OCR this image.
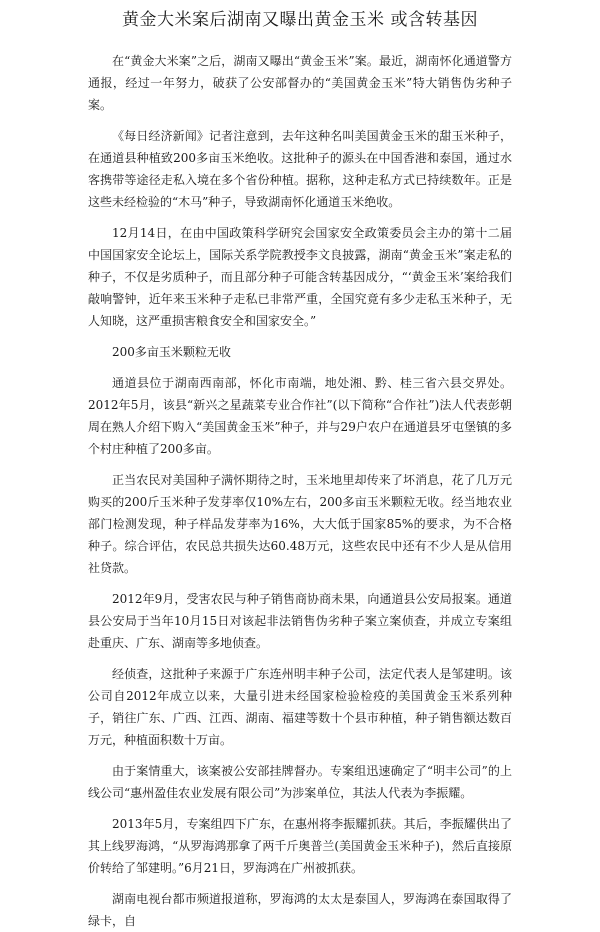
黄金大米案后湖南又曝出黄金玉米 或含转基因

在“黄金大米案”之后，湖南又曝出“黄金玉米”案。最近，湖南怀化通道警方通报，经过一年努力，破获了公安部督办的“美国黄金玉米”特大销售伪劣种子案。

《每日经济新闻》记者注意到，去年这种名叫美国黄金玉米的甜玉米种子，在通道县种植致200多亩玉米绝收。这批种子的源头在中国香港和泰国，通过水客携带等途径走私入境在多个省份种植。据称，这种走私方式已持续数年。正是这些未经检验的“木马”种子，导致湖南怀化通道玉米绝收。

12月14日，在由中国政策科学研究会国家安全政策委员会主办的第十二届中国国家安全论坛上，国际关系学院教授李文良披露，湖南“黄金玉米”案走私的种子，不仅是劣质种子，而且部分种子可能含转基因成分，“‘黄金玉米’案给我们敲响警钟，近年来玉米种子走私已非常严重，全国究竟有多少走私玉米种子，无人知晓，这严重损害粮食安全和国家安全。”

200多亩玉米颗粒无收

通道县位于湖南西南部，怀化市南端，地处湘、黔、桂三省六县交界处。2012年5月，该县“新兴之星蔬菜专业合作社”(以下简称“合作社”)法人代表彭朝周在熟人介绍下购入“美国黄金玉米”种子，并与29户农户在通道县牙屯堡镇的多个村庄种植了200多亩。

正当农民对美国种子满怀期待之时，玉米地里却传来了坏消息，花了几万元购买的200斤玉米种子发芽率仅10%左右，200多亩玉米颗粒无收。经当地农业部门检测发现，种子样品发芽率为16%，大大低于国家85%的要求，为不合格种子。综合评估，农民总共损失达60.48万元，这些农民中还有不少人是从信用社贷款。

2012年9月，受害农民与种子销售商协商未果，向通道县公安局报案。通道县公安局于当年10月15日对该起非法销售伪劣种子案立案侦查，并成立专案组赴重庆、广东、湖南等多地侦查。

经侦查，这批种子来源于广东连州明丰种子公司，法定代表人是邹建明。该公司自2012年成立以来，大量引进未经国家检验检疫的美国黄金玉米系列种子，销往广东、广西、江西、湖南、福建等数十个县市种植，种子销售额达数百万元，种植面积数十万亩。

由于案情重大，该案被公安部挂牌督办。专案组迅速确定了“明丰公司”的上线公司“惠州盈佳农业发展有限公司”为涉案单位，其法人代表为李振耀。

2013年5月，专案组四下广东，在惠州将李振耀抓获。其后，李振耀供出了其上线罗海鸿，“从罗海鸿那拿了两千斤奥普兰(美国黄金玉米种子)，然后直接原价转给了邹建明。”6月21日，罗海鸿在广州被抓获。

湖南电视台都市频道报道称，罗海鸿的太太是泰国人，罗海鸿在泰国取得了绿卡，自
